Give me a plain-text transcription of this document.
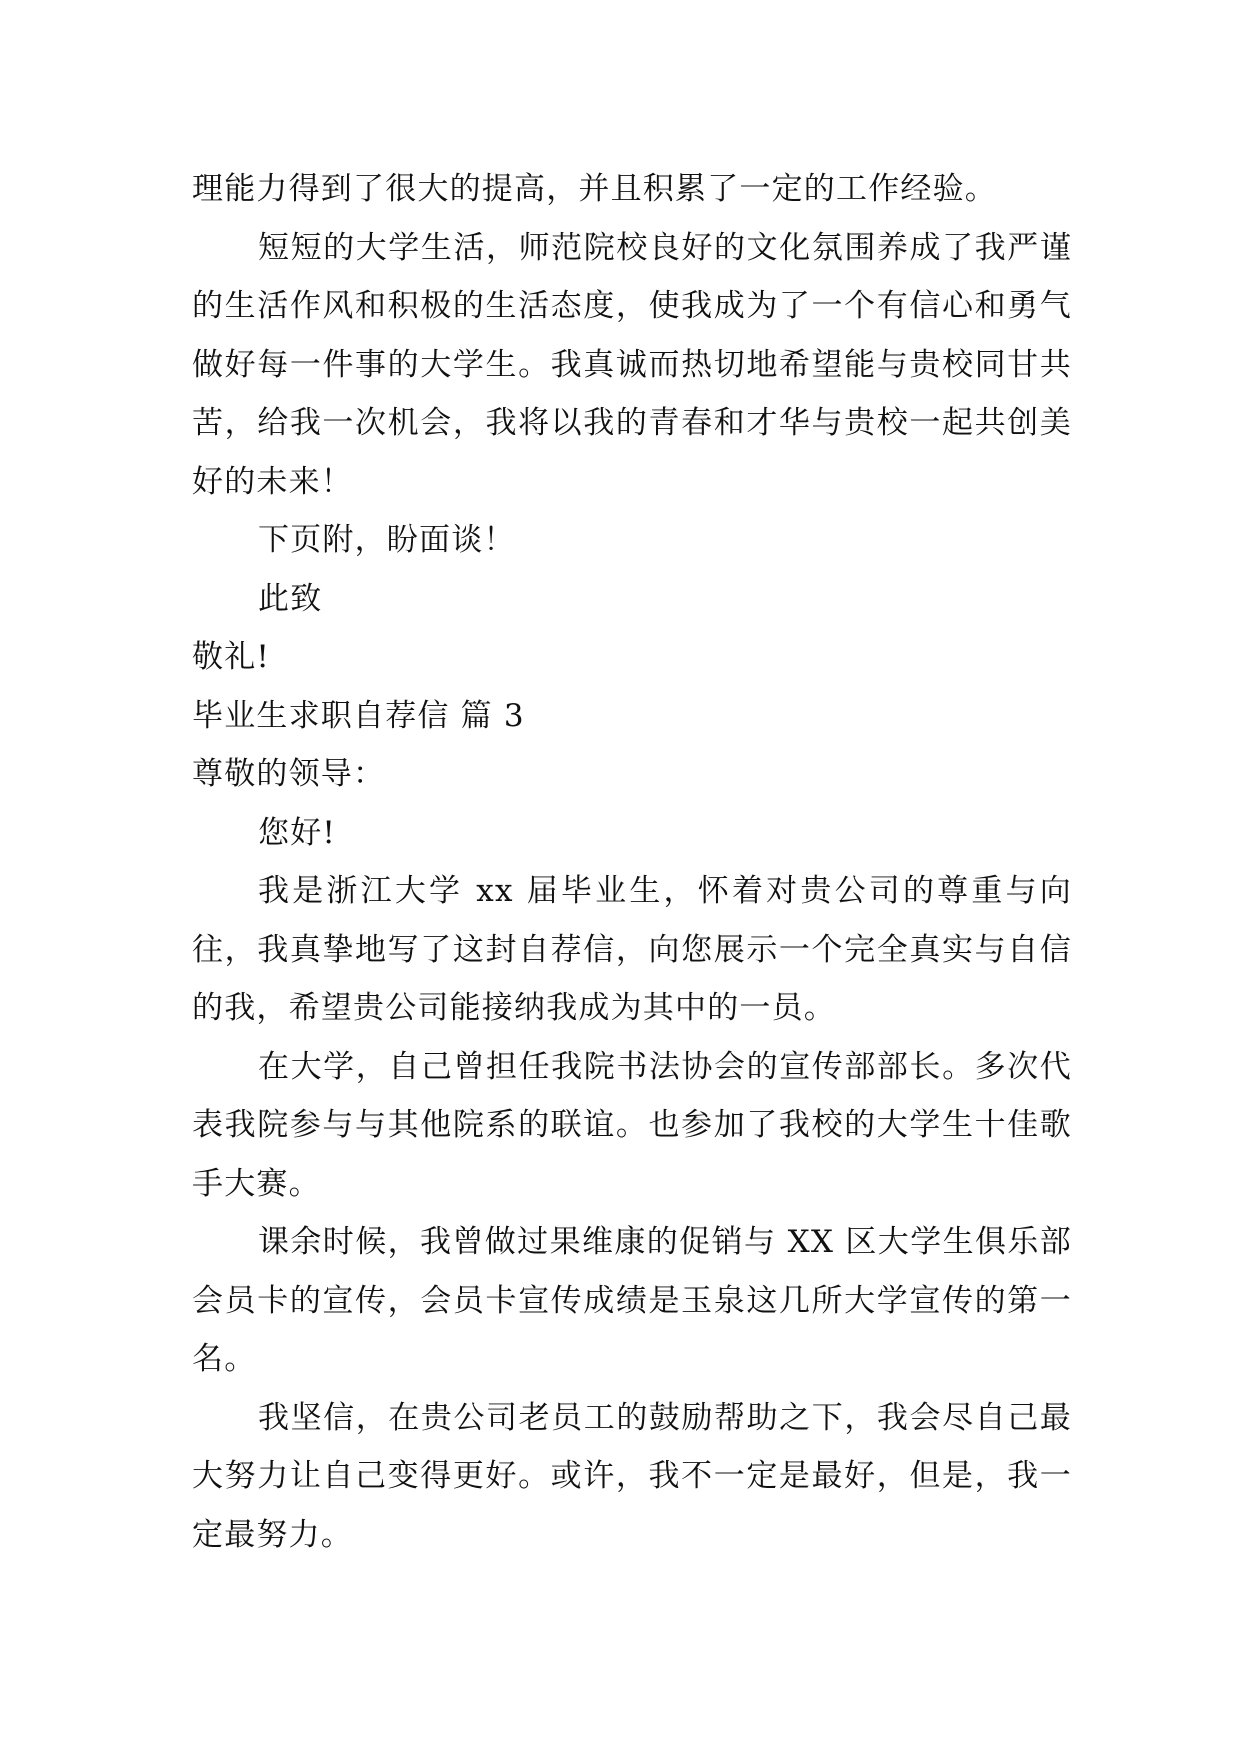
理能力得到了很大的提高，并且积累了一定的工作经验。

短短的大学生活，师范院校良好的文化氛围养成了我严谨的生活作风和积极的生活态度，使我成为了一个有信心和勇气做好每一件事的大学生。我真诚而热切地希望能与贵校同甘共苦，给我一次机会，我将以我的青春和才华与贵校一起共创美好的未来！

下页附，盼面谈！

此致

敬礼!

毕业生求职自荐信 篇 3

尊敬的领导：

您好!

我是浙江大学 xx 届毕业生，怀着对贵公司的尊重与向往，我真挚地写了这封自荐信，向您展示一个完全真实与自信的我，希望贵公司能接纳我成为其中的一员。

在大学，自己曾担任我院书法协会的宣传部部长。多次代表我院参与与其他院系的联谊。也参加了我校的大学生十佳歌手大赛。

课余时候，我曾做过果维康的促销与 XX 区大学生俱乐部会员卡的宣传，会员卡宣传成绩是玉泉这几所大学宣传的第一名。

我坚信，在贵公司老员工的鼓励帮助之下，我会尽自己最大努力让自己变得更好。或许，我不一定是最好，但是，我一定最努力。
